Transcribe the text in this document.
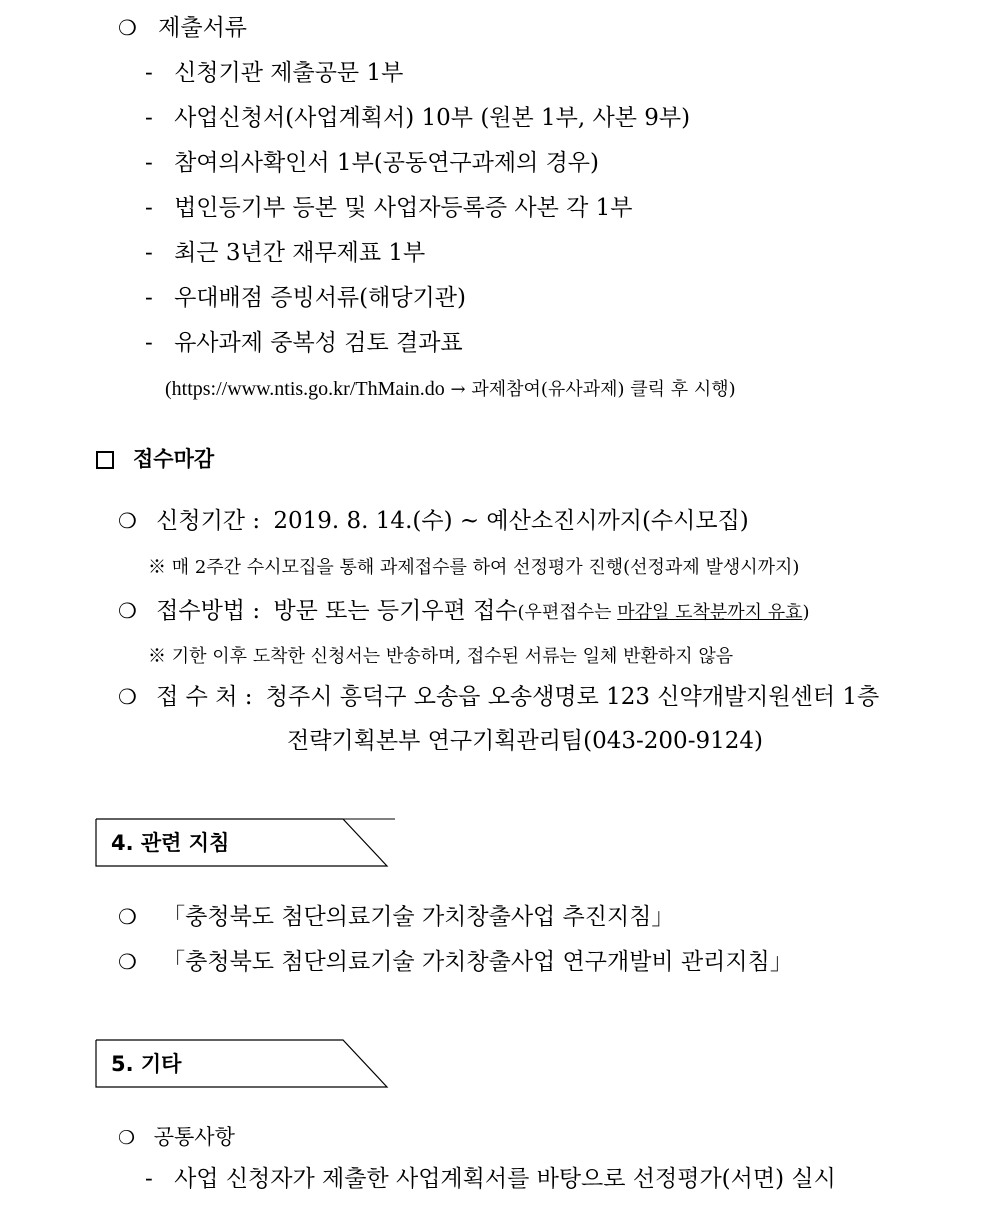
❍ 제출서류
- 신청기관 제출공문 1부
- 사업신청서(사업계획서) 10부 (원본 1부, 사본 9부)
- 참여의사확인서 1부(공동연구과제의 경우)
- 법인등기부 등본 및 사업자등록증 사본 각 1부
- 최근 3년간 재무제표 1부
- 우대배점 증빙서류(해당기관)
- 유사과제 중복성 검토 결과표
(https://www.ntis.go.kr/ThMain.do → 과제참여(유사과제) 클릭 후 시행)
접수마감
❍ 신청기간 : 2019. 8. 14.(수) ~ 예산소진시까지(수시모집)
※ 매 2주간 수시모집을 통해 과제접수를 하여 선정평가 진행(선정과제 발생시까지)
❍ 접수방법 : 방문 또는 등기우편 접수(우편접수는 마감일 도착분까지 유효)
※ 기한 이후 도착한 신청서는 반송하며, 접수된 서류는 일체 반환하지 않음
❍ 접 수 처 : 청주시 흥덕구 오송읍 오송생명로 123 신약개발지원센터 1층
전략기획본부 연구기획관리팀(043-200-9124)
4. 관련 지침
❍ 「충청북도 첨단의료기술 가치창출사업 추진지침」
❍ 「충청북도 첨단의료기술 가치창출사업 연구개발비 관리지침」
5. 기타
❍ 공통사항
- 사업 신청자가 제출한 사업계획서를 바탕으로 선정평가(서면) 실시
